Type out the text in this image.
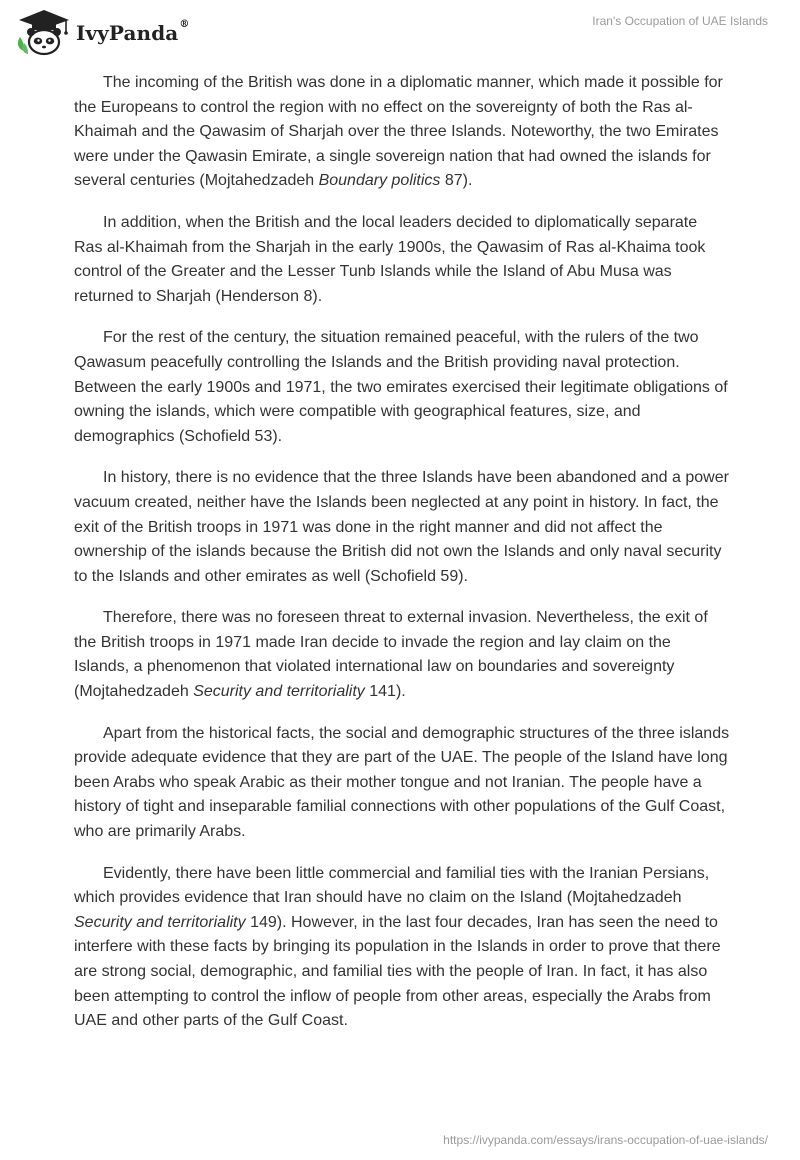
IvyPanda®	Iran's Occupation of UAE Islands

The incoming of the British was done in a diplomatic manner, which made it possible for the Europeans to control the region with no effect on the sovereignty of both the Ras al-Khaimah and the Qawasim of Sharjah over the three Islands. Noteworthy, the two Emirates were under the Qawasin Emirate, a single sovereign nation that had owned the islands for several centuries (Mojtahedzadeh Boundary politics 87).

In addition, when the British and the local leaders decided to diplomatically separate Ras al-Khaimah from the Sharjah in the early 1900s, the Qawasim of Ras al-Khaima took control of the Greater and the Lesser Tunb Islands while the Island of Abu Musa was returned to Sharjah (Henderson 8).

For the rest of the century, the situation remained peaceful, with the rulers of the two Qawasum peacefully controlling the Islands and the British providing naval protection. Between the early 1900s and 1971, the two emirates exercised their legitimate obligations of owning the islands, which were compatible with geographical features, size, and demographics (Schofield 53).

In history, there is no evidence that the three Islands have been abandoned and a power vacuum created, neither have the Islands been neglected at any point in history. In fact, the exit of the British troops in 1971 was done in the right manner and did not affect the ownership of the islands because the British did not own the Islands and only naval security to the Islands and other emirates as well (Schofield 59).

Therefore, there was no foreseen threat to external invasion. Nevertheless, the exit of the British troops in 1971 made Iran decide to invade the region and lay claim on the Islands, a phenomenon that violated international law on boundaries and sovereignty (Mojtahedzadeh Security and territoriality 141).

Apart from the historical facts, the social and demographic structures of the three islands provide adequate evidence that they are part of the UAE. The people of the Island have long been Arabs who speak Arabic as their mother tongue and not Iranian. The people have a history of tight and inseparable familial connections with other populations of the Gulf Coast, who are primarily Arabs.

Evidently, there have been little commercial and familial ties with the Iranian Persians, which provides evidence that Iran should have no claim on the Island (Mojtahedzadeh Security and territoriality 149). However, in the last four decades, Iran has seen the need to interfere with these facts by bringing its population in the Islands in order to prove that there are strong social, demographic, and familial ties with the people of Iran. In fact, it has also been attempting to control the inflow of people from other areas, especially the Arabs from UAE and other parts of the Gulf Coast.

https://ivypanda.com/essays/irans-occupation-of-uae-islands/
